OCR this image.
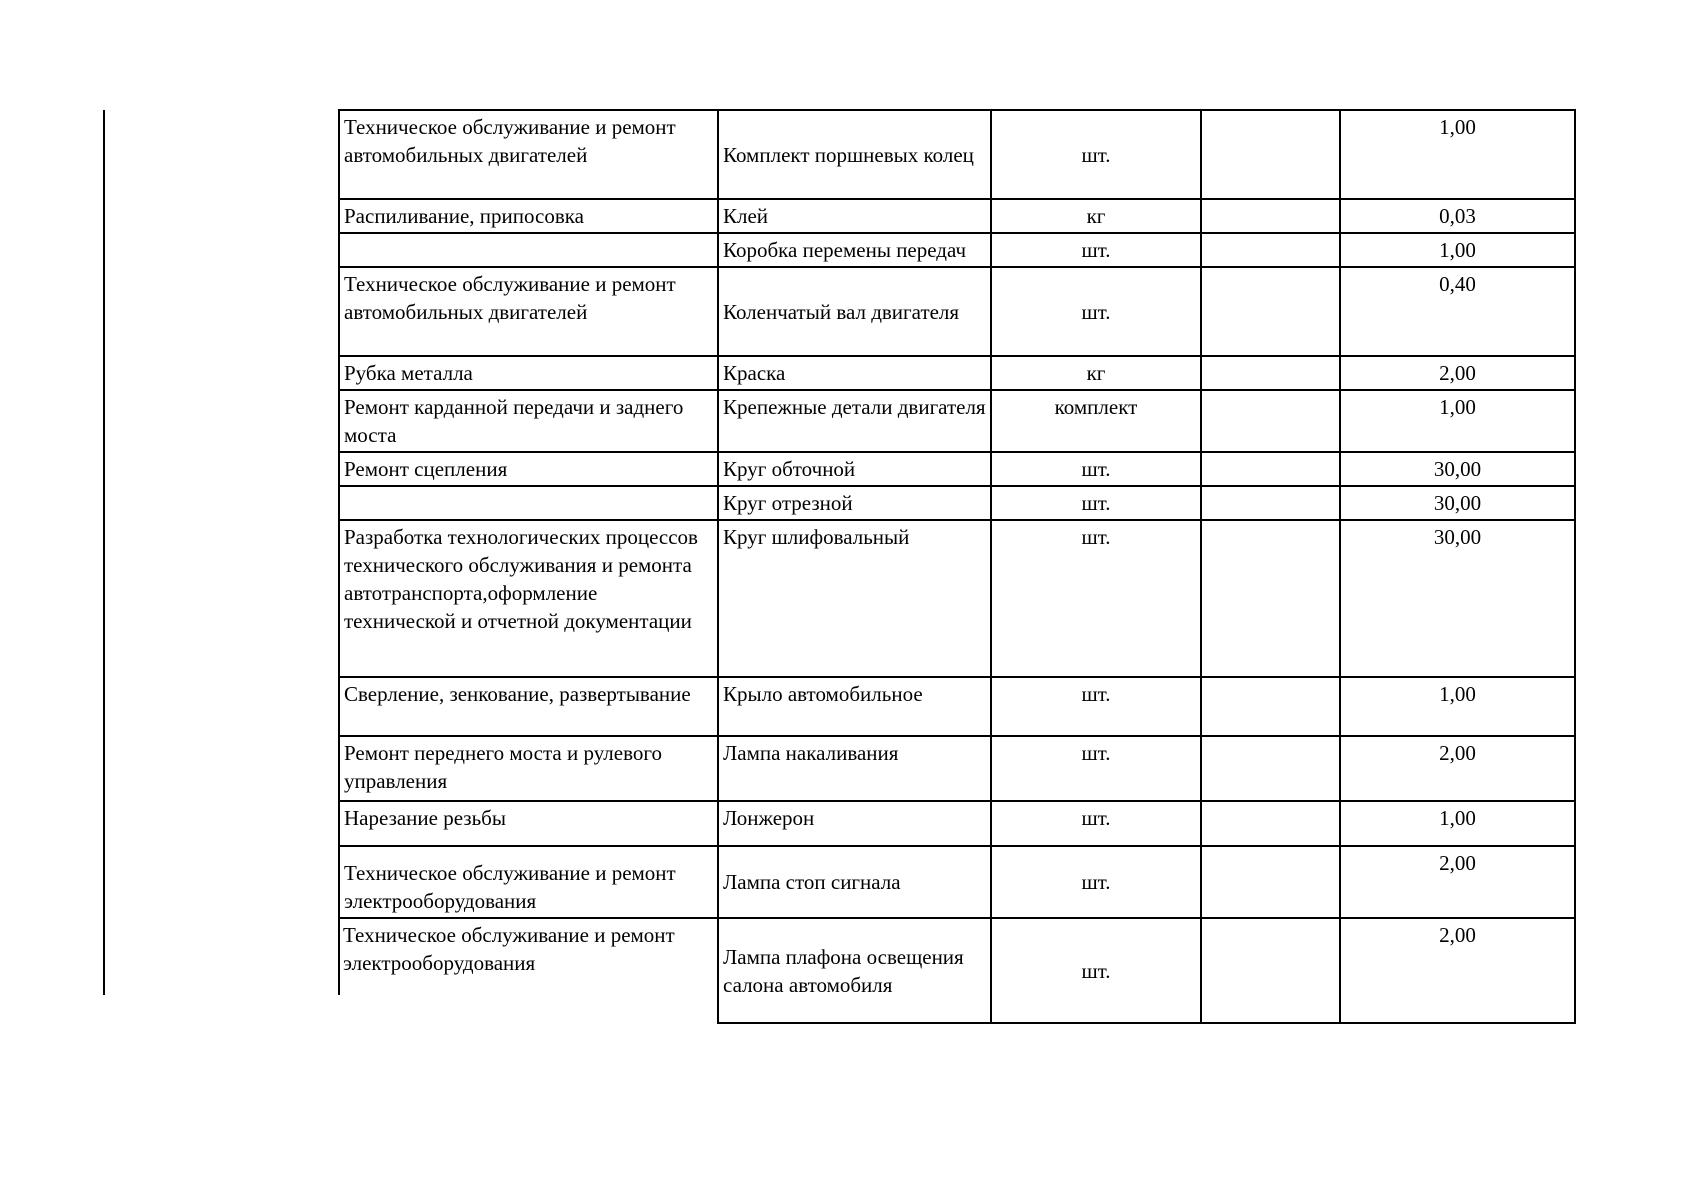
Техническое обслуживание и ремонт автомобильных двигателей	Комплект поршневых колец	шт.		1,00
Распиливание, припосовка	Клей	кг		0,03
	Коробка перемены передач	шт.		1,00
Техническое обслуживание и ремонт автомобильных двигателей	Коленчатый вал двигателя	шт.		0,40
Рубка металла	Краска	кг		2,00
Ремонт карданной передачи и заднего моста	Крепежные детали двигателя	комплект		1,00
Ремонт сцепления	Круг обточной	шт.		30,00
	Круг отрезной	шт.		30,00

Разработка технологических процессов технического обслуживания и ремонта автотранспорта,оформление технической и отчетной документации	Круг шлифовальный	шт.		30,00
Сверление, зенкование, развертывание	Крыло автомобильное	шт.		1,00
Ремонт переднего моста и рулевого управления	Лампа накаливания	шт.		2,00
Нарезание резьбы	Лонжерон	шт.		1,00
Техническое обслуживание и ремонт электрооборудования	Лампа стоп сигнала	шт.		2,00
Техническое обслуживание и ремонт электрооборудования	Лампа плафона освещения салона автомобиля	шт.		2,00
